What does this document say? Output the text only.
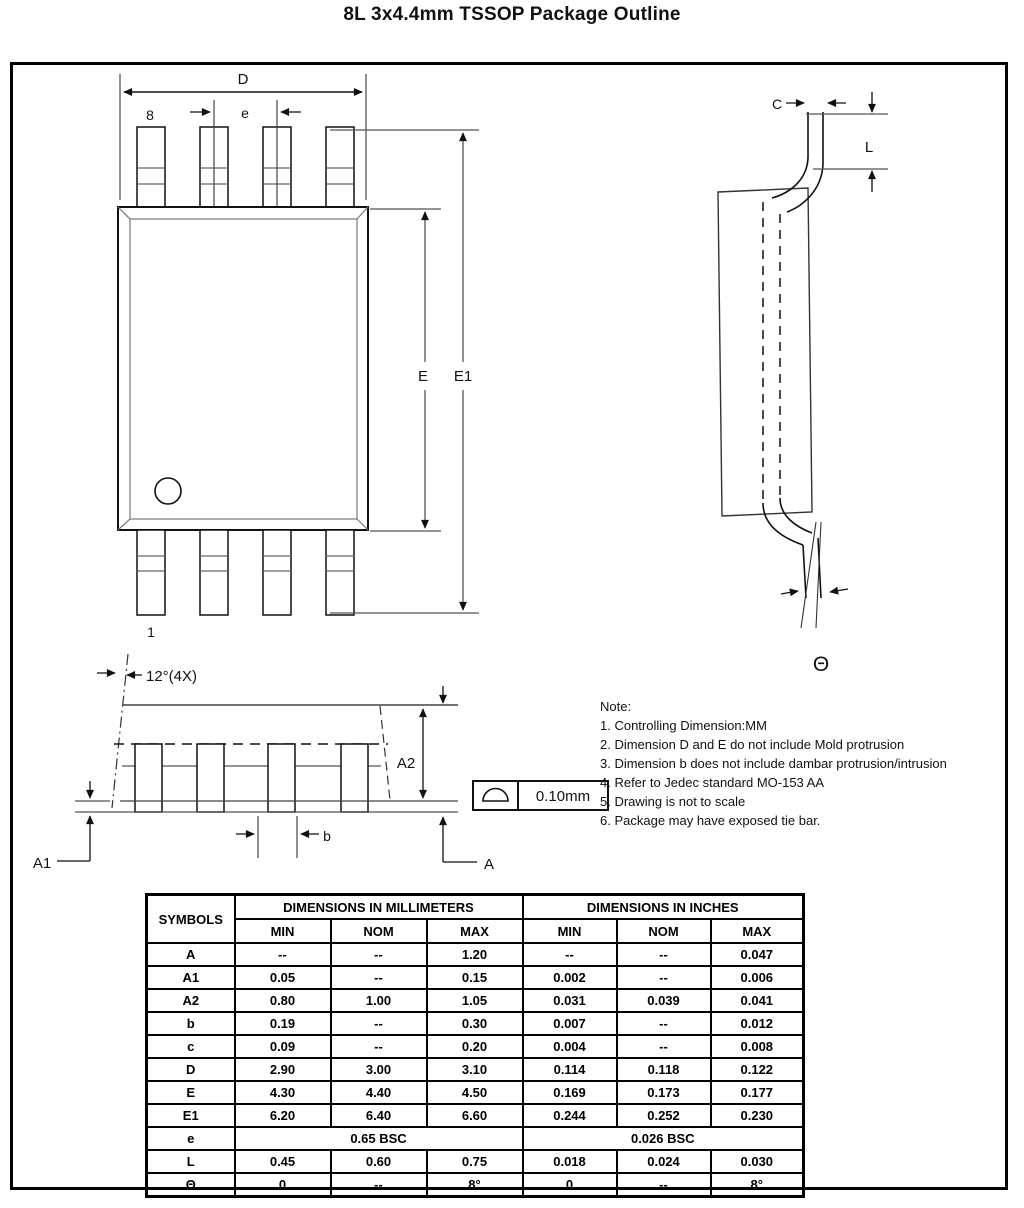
8L 3x4.4mm TSSOP Package Outline
D
e
8
1
E E1
C
L
Θ
12°(4X)
A2
A1
b
A
0.10mm
Note:
1. Controlling Dimension:MM
2. Dimension D and E do not include Mold protrusion
3. Dimension b does not include dambar protrusion/intrusion
4. Refer to Jedec standard MO-153 AA
5. Drawing is not to scale
6. Package may have exposed tie bar.
SYMBOLS	DIMENSIONS IN MILLIMETERS			DIMENSIONS IN INCHES		
	MIN	NOM	MAX	MIN	NOM	MAX
A	--	--	1.20	--	--	0.047
A1	0.05	--	0.15	0.002	--	0.006
A2	0.80	1.00	1.05	0.031	0.039	0.041
b	0.19	--	0.30	0.007	--	0.012
c	0.09	--	0.20	0.004	--	0.008
D	2.90	3.00	3.10	0.114	0.118	0.122
E	4.30	4.40	4.50	0.169	0.173	0.177
E1	6.20	6.40	6.60	0.244	0.252	0.230
e	0.65 BSC			0.026 BSC		
L	0.45	0.60	0.75	0.018	0.024	0.030
Θ	0	--	8°	0	--	8°
